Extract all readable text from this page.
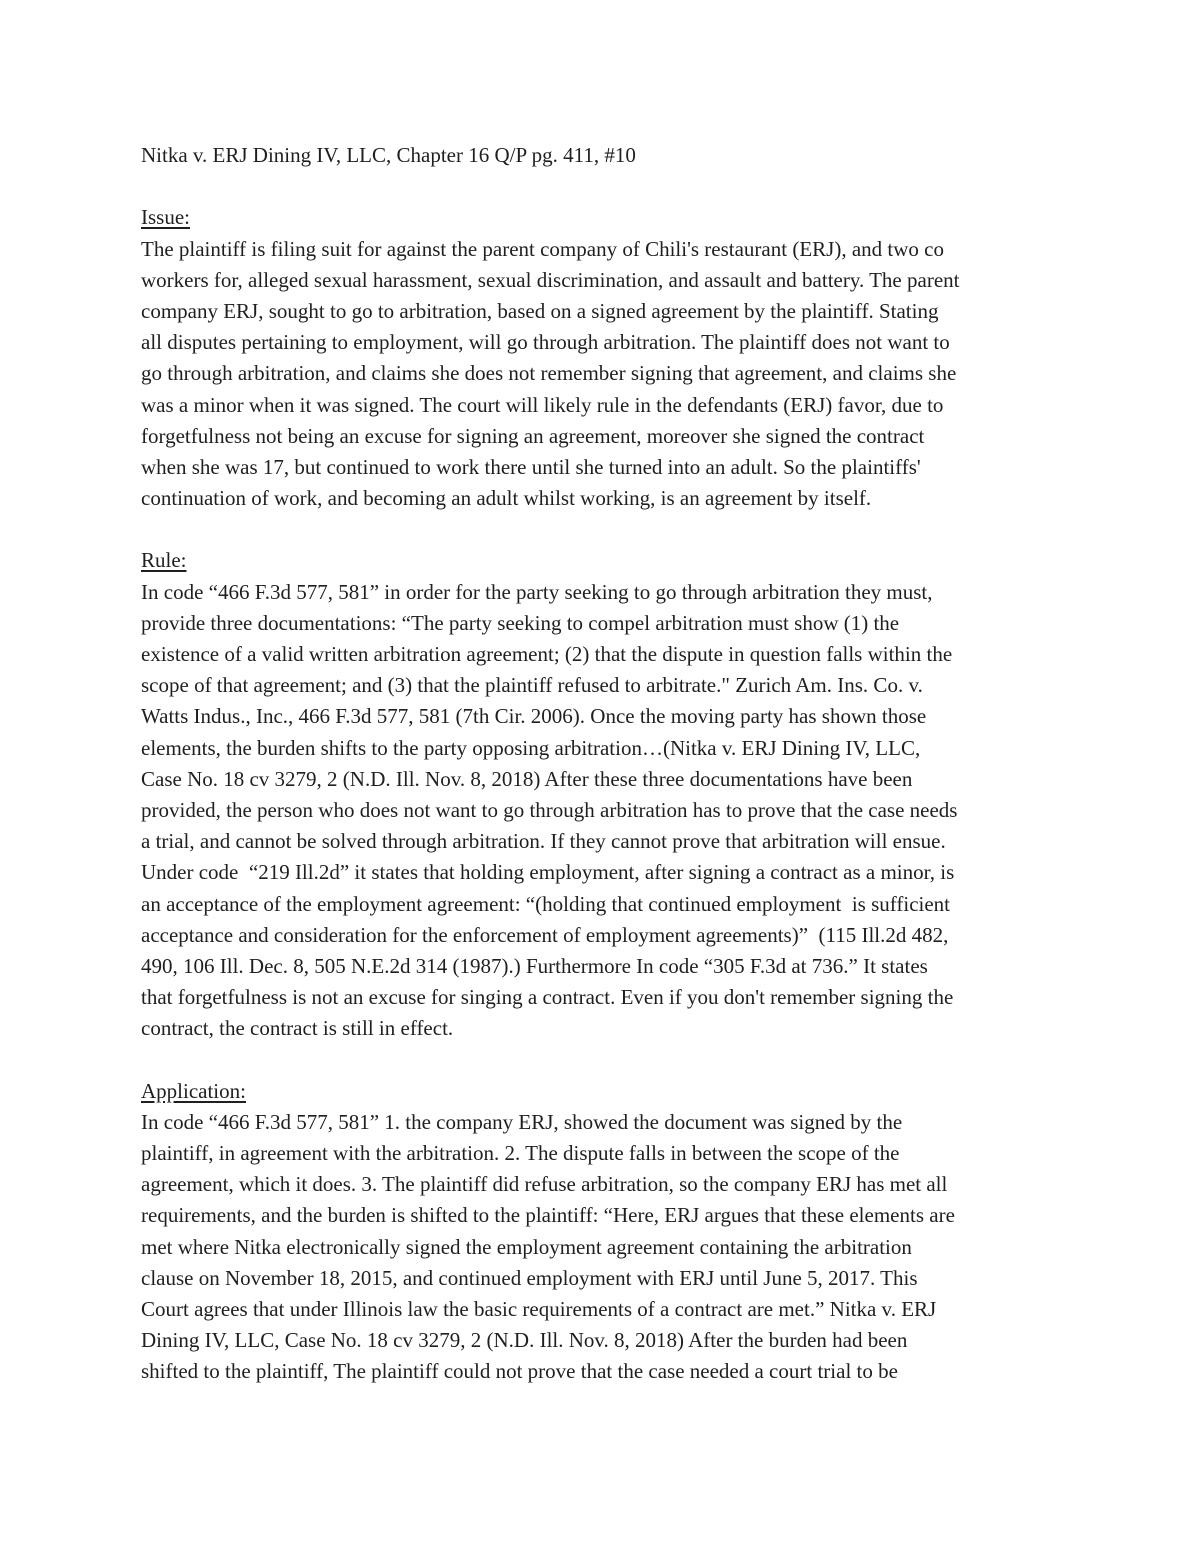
Nitka v. ERJ Dining IV, LLC, Chapter 16 Q/P pg. 411, #10
Issue:
The plaintiff is filing suit for against the parent company of Chili's restaurant (ERJ), and two co
workers for, alleged sexual harassment, sexual discrimination, and assault and battery. The parent
company ERJ, sought to go to arbitration, based on a signed agreement by the plaintiff. Stating
all disputes pertaining to employment, will go through arbitration. The plaintiff does not want to
go through arbitration, and claims she does not remember signing that agreement, and claims she
was a minor when it was signed. The court will likely rule in the defendants (ERJ) favor, due to
forgetfulness not being an excuse for signing an agreement, moreover she signed the contract
when she was 17, but continued to work there until she turned into an adult. So the plaintiffs'
continuation of work, and becoming an adult whilst working, is an agreement by itself.
Rule:
In code “466 F.3d 577, 581” in order for the party seeking to go through arbitration they must,
provide three documentations: “The party seeking to compel arbitration must show (1) the
existence of a valid written arbitration agreement; (2) that the dispute in question falls within the
scope of that agreement; and (3) that the plaintiff refused to arbitrate." Zurich Am. Ins. Co. v.
Watts Indus., Inc., 466 F.3d 577, 581 (7th Cir. 2006). Once the moving party has shown those
elements, the burden shifts to the party opposing arbitration…(Nitka v. ERJ Dining IV, LLC,
Case No. 18 cv 3279, 2 (N.D. Ill. Nov. 8, 2018) After these three documentations have been
provided, the person who does not want to go through arbitration has to prove that the case needs
a trial, and cannot be solved through arbitration. If they cannot prove that arbitration will ensue.
Under code  “219 Ill.2d” it states that holding employment, after signing a contract as a minor, is
an acceptance of the employment agreement: “(holding that continued employment  is sufficient
acceptance and consideration for the enforcement of employment agreements)”  (115 Ill.2d 482,
490, 106 Ill. Dec. 8, 505 N.E.2d 314 (1987).) Furthermore In code “305 F.3d at 736.” It states
that forgetfulness is not an excuse for singing a contract. Even if you don't remember signing the
contract, the contract is still in effect.
Application:
In code “466 F.3d 577, 581” 1. the company ERJ, showed the document was signed by the
plaintiff, in agreement with the arbitration. 2. The dispute falls in between the scope of the
agreement, which it does. 3. The plaintiff did refuse arbitration, so the company ERJ has met all
requirements, and the burden is shifted to the plaintiff: “Here, ERJ argues that these elements are
met where Nitka electronically signed the employment agreement containing the arbitration
clause on November 18, 2015, and continued employment with ERJ until June 5, 2017. This
Court agrees that under Illinois law the basic requirements of a contract are met.” Nitka v. ERJ
Dining IV, LLC, Case No. 18 cv 3279, 2 (N.D. Ill. Nov. 8, 2018) After the burden had been
shifted to the plaintiff, The plaintiff could not prove that the case needed a court trial to be
